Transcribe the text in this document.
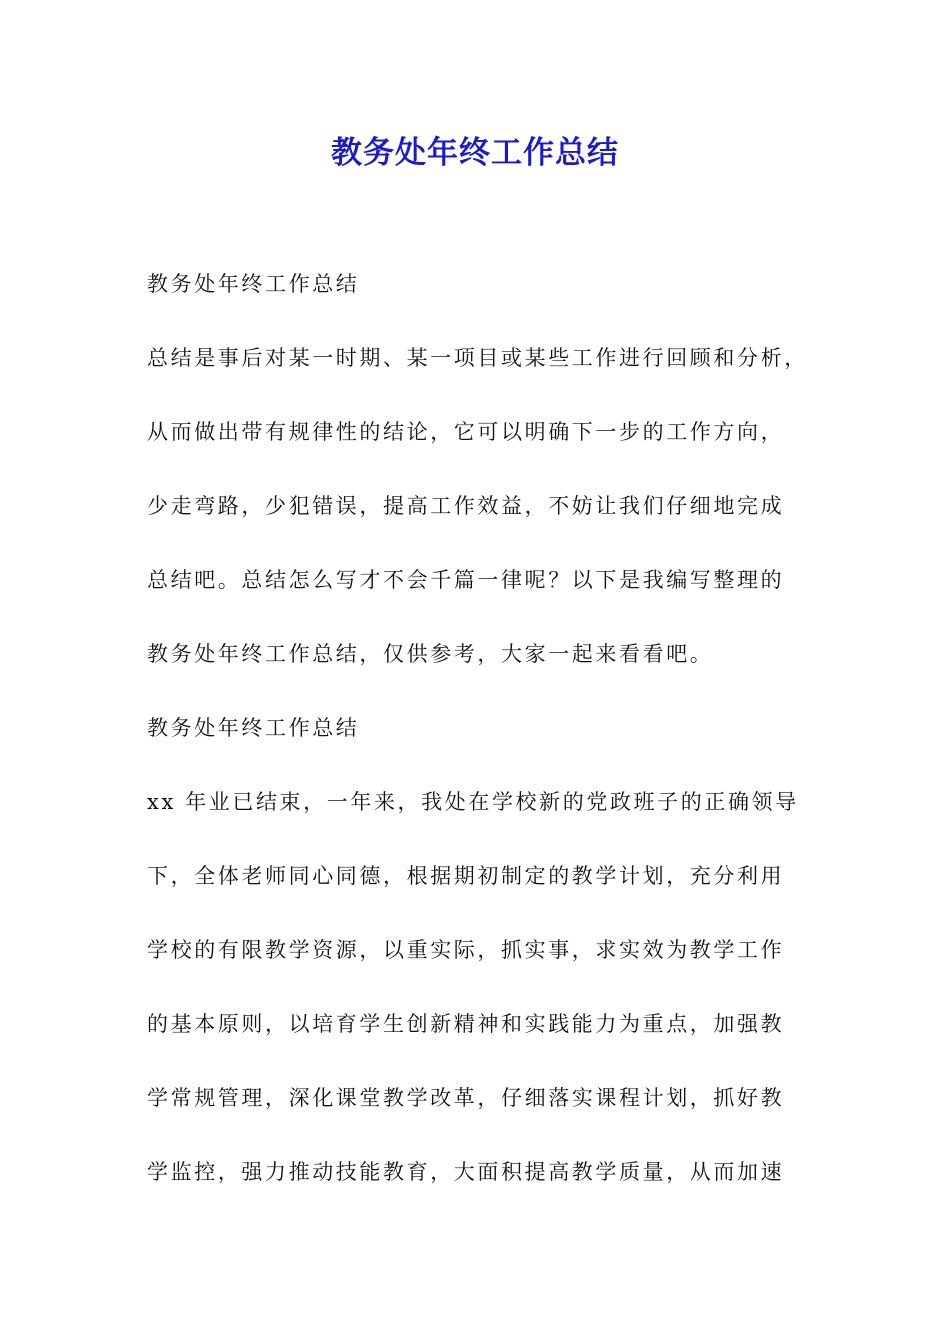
教务处年终工作总结
教务处年终工作总结
总结是事后对某一时期、某一项目或某些工作进行回顾和分析，
从而做出带有规律性的结论，它可以明确下一步的工作方向，
少走弯路，少犯错误，提高工作效益，不妨让我们仔细地完成
总结吧。总结怎么写才不会千篇一律呢？以下是我编写整理的
教务处年终工作总结，仅供参考，大家一起来看看吧。
教务处年终工作总结
xx 年业已结束，一年来，我处在学校新的党政班子的正确领导
下，全体老师同心同德，根据期初制定的教学计划，充分利用
学校的有限教学资源，以重实际，抓实事，求实效为教学工作
的基本原则，以培育学生创新精神和实践能力为重点，加强教
学常规管理，深化课堂教学改革，仔细落实课程计划，抓好教
学监控，强力推动技能教育，大面积提高教学质量，从而加速
